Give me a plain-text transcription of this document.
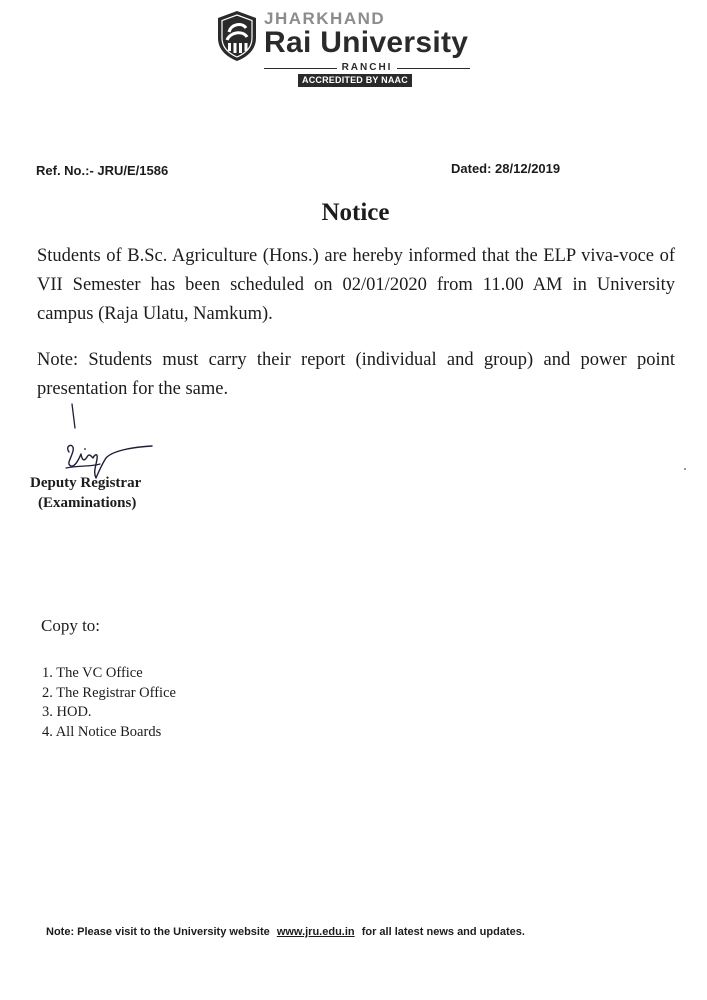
JHARKHAND
Rai University
RANCHI
ACCREDITED BY NAAC
Ref. No.:- JRU/E/1586	Dated: 28/12/2019
Notice

Students of B.Sc. Agriculture (Hons.) are hereby informed that the ELP viva-voce of VII Semester has been scheduled on 02/01/2020 from 11.00 AM in University campus (Raja Ulatu, Namkum).

Note: Students must carry their report (individual and group) and power point presentation for the same.

Deputy Registrar
(Examinations)
Copy to:
1. The VC Office
2. The Registrar Office
3. HOD.
4. All Notice Boards
Note: Please visit to the University website www.jru.edu.in for all latest news and updates.
